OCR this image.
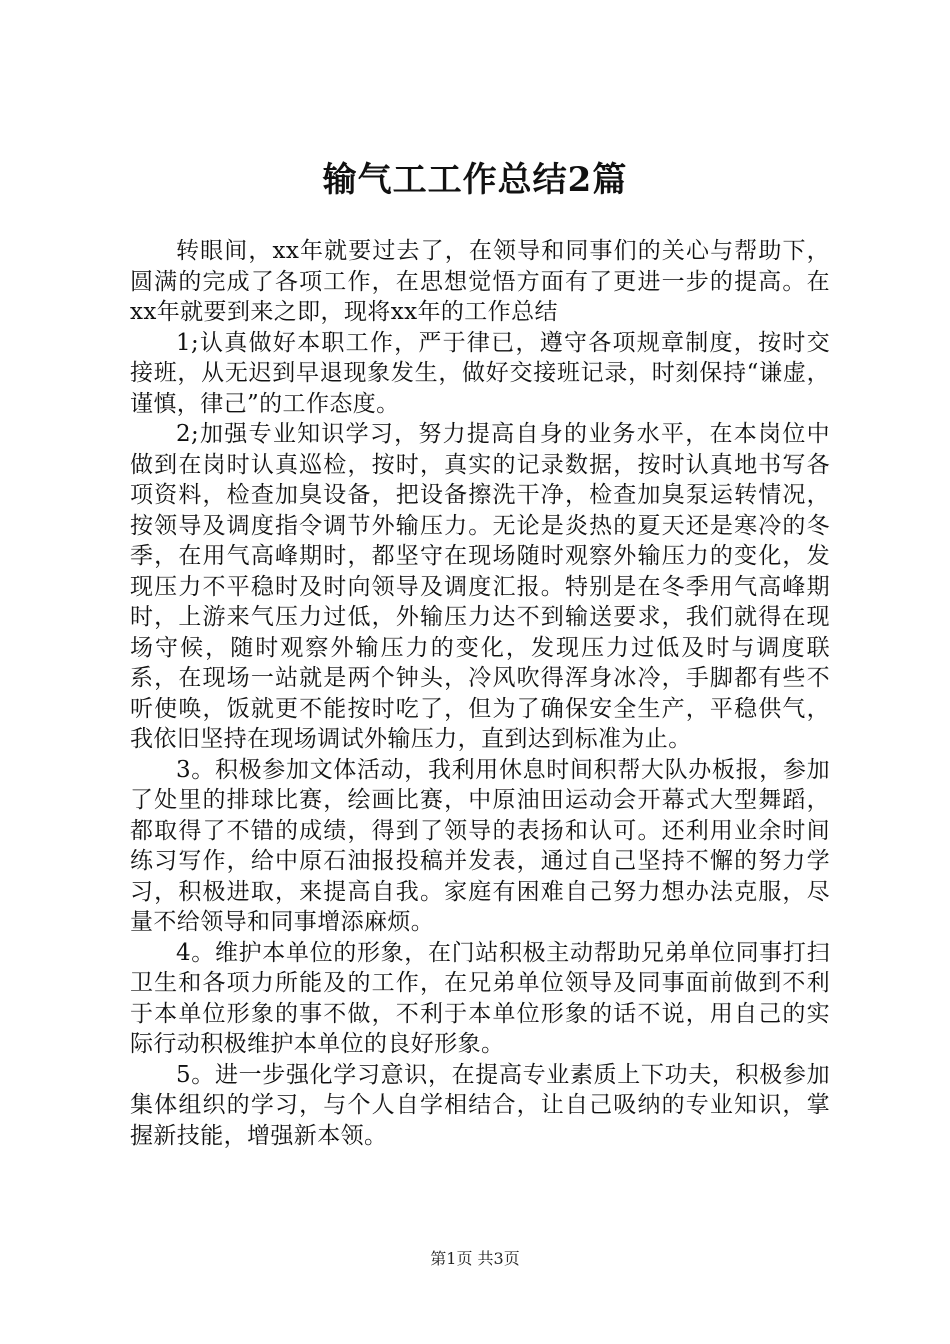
输气工工作总结2篇

转眼间，xx年就要过去了，在领导和同事们的关心与帮助下，圆满的完成了各项工作，在思想觉悟方面有了更进一步的提高。在xx年就要到来之即，现将xx年的工作总结

1;认真做好本职工作，严于律已，遵守各项规章制度，按时交接班，从无迟到早退现象发生，做好交接班记录，时刻保持“谦虚，谨慎，律己”的工作态度。

2;加强专业知识学习，努力提高自身的业务水平，在本岗位中做到在岗时认真巡检，按时，真实的记录数据，按时认真地书写各项资料，检查加臭设备，把设备擦洗干净，检查加臭泵运转情况，按领导及调度指令调节外输压力。无论是炎热的夏天还是寒冷的冬季，在用气高峰期时，都坚守在现场随时观察外输压力的变化，发现压力不平稳时及时向领导及调度汇报。特别是在冬季用气高峰期时，上游来气压力过低，外输压力达不到输送要求，我们就得在现场守候，随时观察外输压力的变化，发现压力过低及时与调度联系，在现场一站就是两个钟头，冷风吹得浑身冰冷，手脚都有些不听使唤，饭就更不能按时吃了，但为了确保安全生产，平稳供气，我依旧坚持在现场调试外输压力，直到达到标准为止。

3。积极参加文体活动，我利用休息时间积帮大队办板报，参加了处里的排球比赛，绘画比赛，中原油田运动会开幕式大型舞蹈，都取得了不错的成绩，得到了领导的表扬和认可。还利用业余时间练习写作，给中原石油报投稿并发表，通过自己坚持不懈的努力学习，积极进取，来提高自我。家庭有困难自己努力想办法克服，尽量不给领导和同事增添麻烦。

4。维护本单位的形象，在门站积极主动帮助兄弟单位同事打扫卫生和各项力所能及的工作，在兄弟单位领导及同事面前做到不利于本单位形象的事不做，不利于本单位形象的话不说，用自己的实际行动积极维护本单位的良好形象。

5。进一步强化学习意识，在提高专业素质上下功夫，积极参加集体组织的学习，与个人自学相结合，让自己吸纳的专业知识，掌握新技能，增强新本领。

第1页 共3页
